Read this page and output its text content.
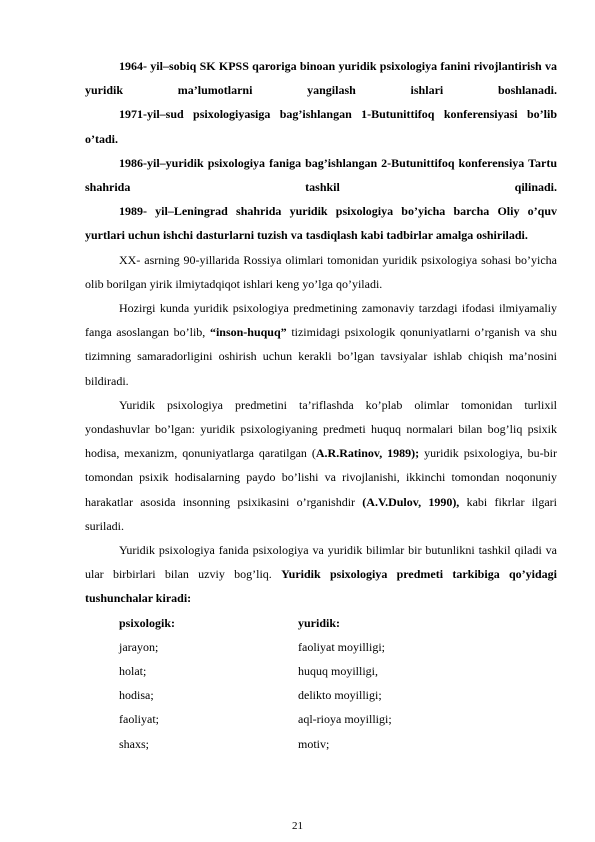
1964- yil–sobiq SK KPSS qaroriga binoan yuridik psixologiya fanini rivojlantirish va yuridik ma’lumotlarni yangilash ishlari boshlanadi.

1971-yil–sud psixologiyasiga bag’ishlangan 1-Butunittifoq konferensiyasi bo’lib o’tadi.

1986-yil–yuridik psixologiya faniga bag’ishlangan 2-Butunittifoq konferensiya Tartu shahrida tashkil qilinadi.

1989- yil–Leningrad shahrida yuridik psixologiya bo’yicha barcha Oliy o’quv yurtlari uchun ishchi dasturlarni tuzish va tasdiqlash kabi tadbirlar amalga oshiriladi.

XX- asrning 90-yillarida Rossiya olimlari tomonidan yuridik psixologiya sohasi bo’yicha olib borilgan yirik ilmiytadqiqot ishlari keng yo’lga qo’yiladi.

Hozirgi kunda yuridik psixologiya predmetining zamonaviy tarzdagi ifodasi ilmiyamaliy fanga asoslangan bo’lib, “inson-huquq” tizimidagi psixologik qonuniyatlarni o’rganish va shu tizimning samaradorligini oshirish uchun kerakli bo’lgan tavsiyalar ishlab chiqish ma’nosini bildiradi.

Yuridik psixologiya predmetini ta’riflashda ko’plab olimlar tomonidan turlixil yondashuvlar bo’lgan: yuridik psixologiyaning predmeti huquq normalari bilan bog’liq psixik hodisa, mexanizm, qonuniyatlarga qaratilgan (A.R.Ratinov, 1989); yuridik psixologiya, bu-bir tomondan psixik hodisalarning paydo bo’lishi va rivojlanishi, ikkinchi tomondan noqonuniy harakatlar asosida insonning psixikasini o’rganishdir (A.V.Dulov, 1990), kabi fikrlar ilgari suriladi.

Yuridik psixologiya fanida psixologiya va yuridik bilimlar bir butunlikni tashkil qiladi va ular birbirlari bilan uzviy bog’liq. Yuridik psixologiya predmeti tarkibiga qo’yidagi tushunchalar kiradi:

psixologik:	yuridik:
jarayon;	faoliyat moyilligi;
holat;	huquq moyilligi,
hodisa;	delikto moyilligi;
faoliyat;	aql-rioya moyilligi;
shaxs;	motiv;
21
